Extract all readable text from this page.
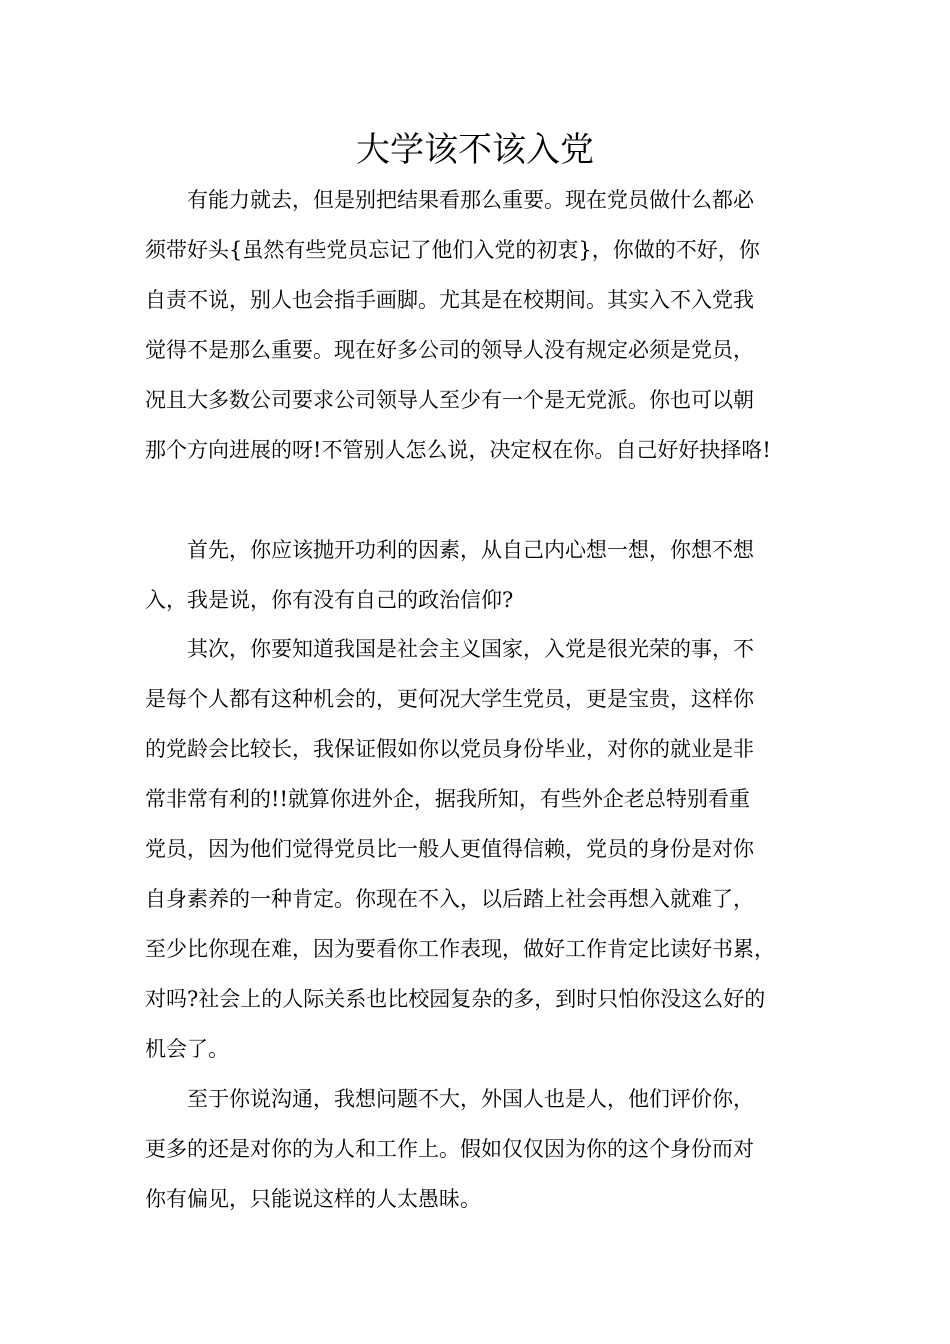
大学该不该入党

有能力就去，但是别把结果看那么重要。现在党员做什么都必
须带好头{虽然有些党员忘记了他们入党的初衷}，你做的不好，你
自责不说，别人也会指手画脚。尤其是在校期间。其实入不入党我
觉得不是那么重要。现在好多公司的领导人没有规定必须是党员，
况且大多数公司要求公司领导人至少有一个是无党派。你也可以朝
那个方向进展的呀!不管别人怎么说，决定权在你。自己好好抉择咯!

首先，你应该抛开功利的因素，从自己内心想一想，你想不想
入，我是说，你有没有自己的政治信仰?

其次，你要知道我国是社会主义国家，入党是很光荣的事，不
是每个人都有这种机会的，更何况大学生党员，更是宝贵，这样你
的党龄会比较长，我保证假如你以党员身份毕业，对你的就业是非
常非常有利的!!就算你进外企，据我所知，有些外企老总特别看重
党员，因为他们觉得党员比一般人更值得信赖，党员的身份是对你
自身素养的一种肯定。你现在不入，以后踏上社会再想入就难了，
至少比你现在难，因为要看你工作表现，做好工作肯定比读好书累，
对吗?社会上的人际关系也比校园复杂的多，到时只怕你没这么好的
机会了。

至于你说沟通，我想问题不大，外国人也是人，他们评价你，
更多的还是对你的为人和工作上。假如仅仅因为你的这个身份而对
你有偏见，只能说这样的人太愚昧。
